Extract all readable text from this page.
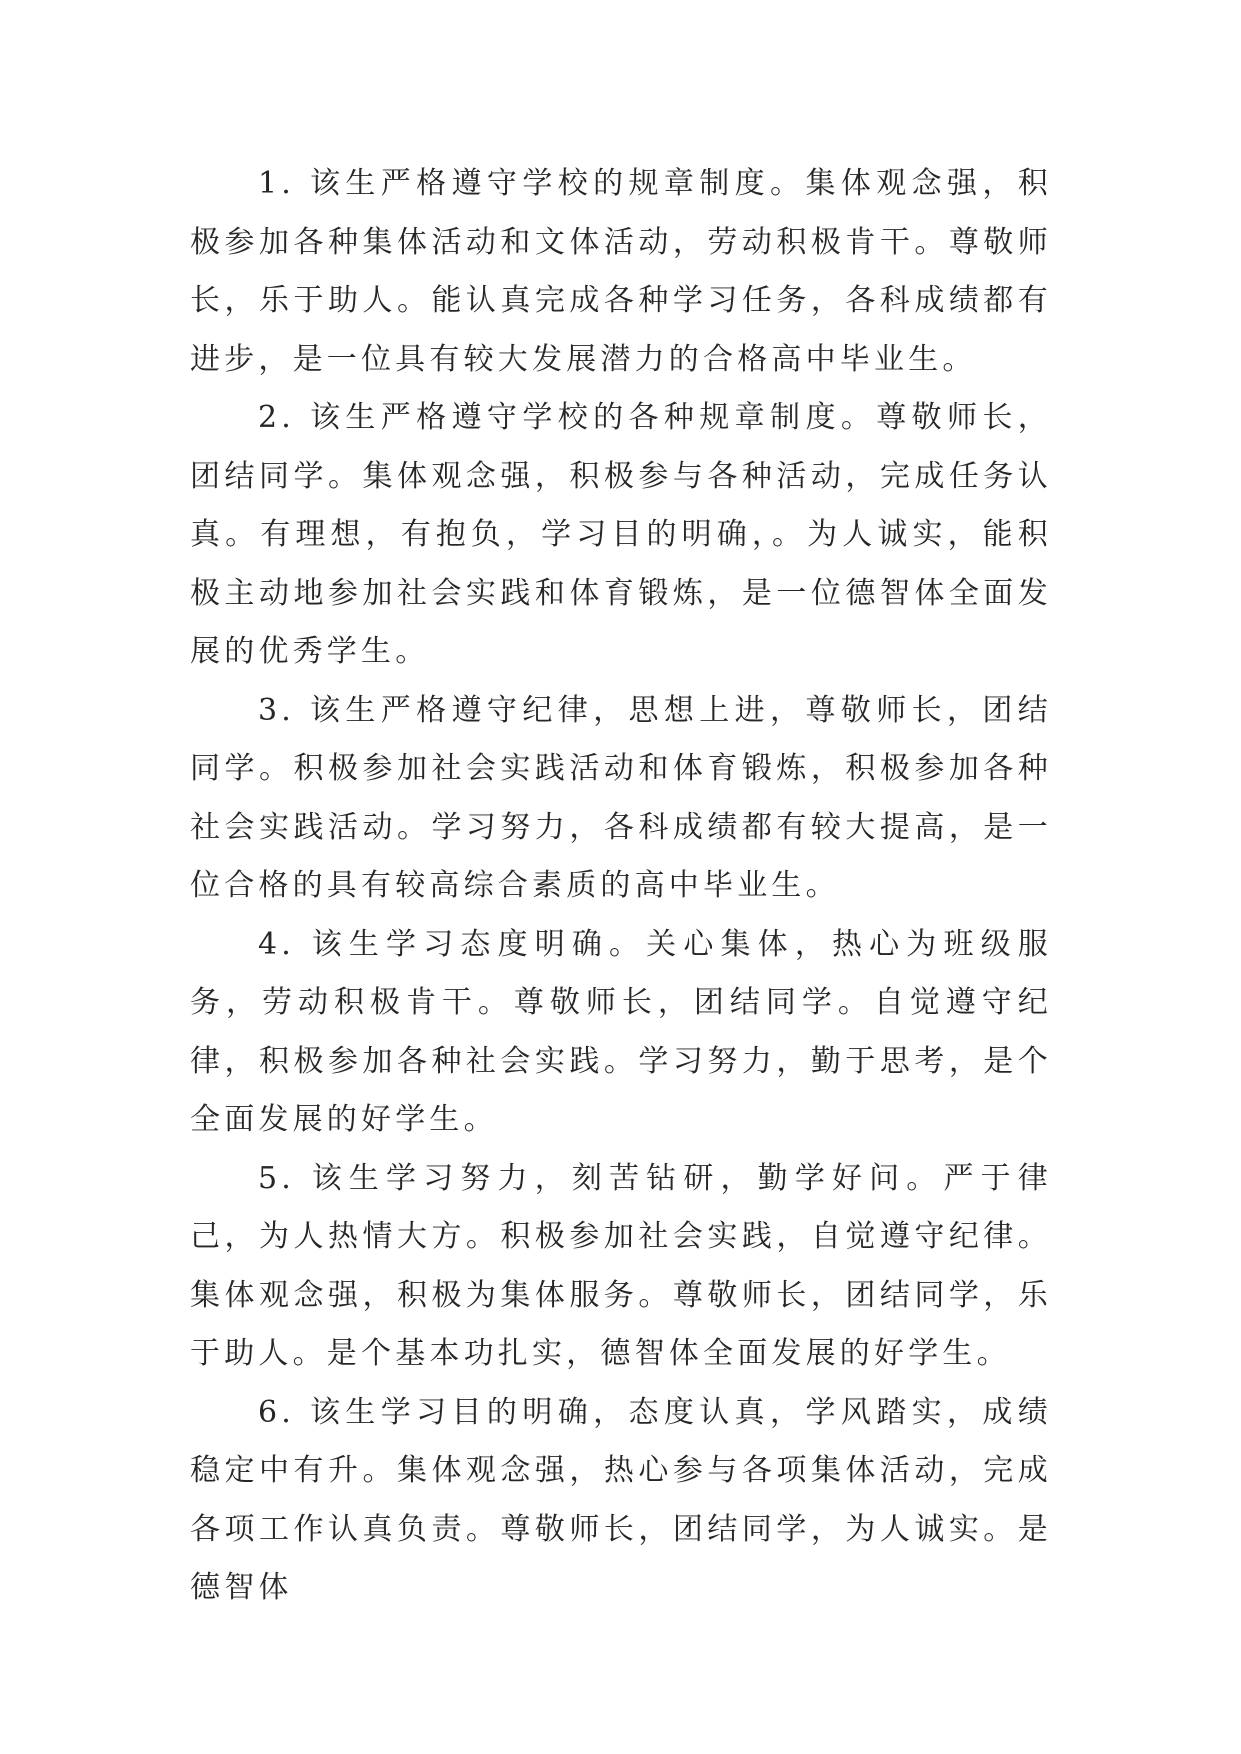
1. 该生严格遵守学校的规章制度。集体观念强，积极参加各种集体活动和文体活动，劳动积极肯干。尊敬师长，乐于助人。能认真完成各种学习任务，各科成绩都有进步，是一位具有较大发展潜力的合格高中毕业生。

2. 该生严格遵守学校的各种规章制度。尊敬师长，团结同学。集体观念强，积极参与各种活动，完成任务认真。有理想，有抱负，学习目的明确，。为人诚实，能积极主动地参加社会实践和体育锻炼，是一位德智体全面发展的优秀学生。

3. 该生严格遵守纪律，思想上进，尊敬师长，团结同学。积极参加社会实践活动和体育锻炼，积极参加各种社会实践活动。学习努力，各科成绩都有较大提高，是一位合格的具有较高综合素质的高中毕业生。

4. 该生学习态度明确。关心集体，热心为班级服务，劳动积极肯干。尊敬师长，团结同学。自觉遵守纪律，积极参加各种社会实践。学习努力，勤于思考，是个全面发展的好学生。

5. 该生学习努力，刻苦钻研，勤学好问。严于律己，为人热情大方。积极参加社会实践，自觉遵守纪律。集体观念强，积极为集体服务。尊敬师长，团结同学，乐于助人。是个基本功扎实，德智体全面发展的好学生。

6. 该生学习目的明确，态度认真，学风踏实，成绩稳定中有升。集体观念强，热心参与各项集体活动，完成各项工作认真负责。尊敬师长，团结同学，为人诚实。是德智体
